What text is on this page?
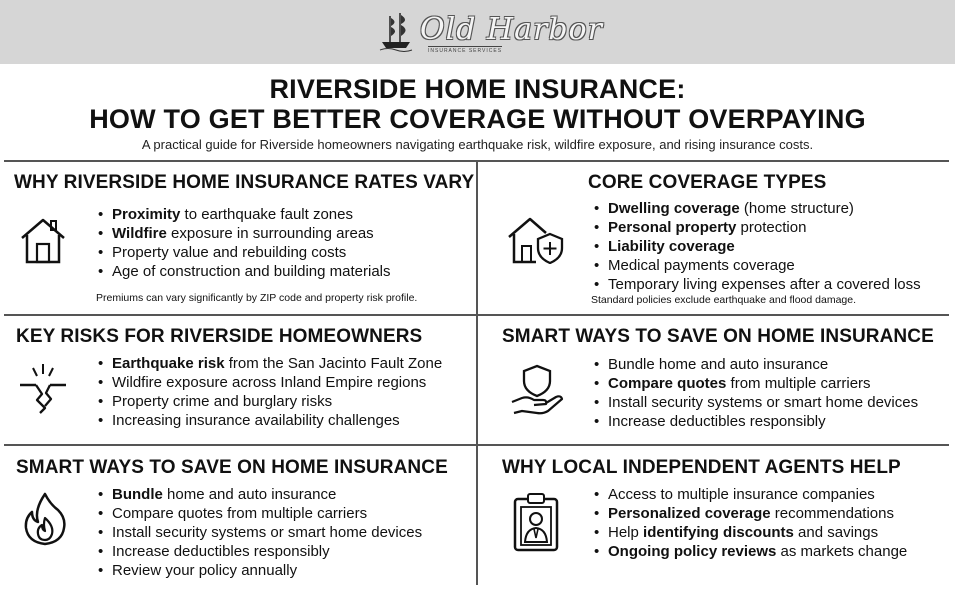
Old Harbor
INSURANCE SERVICES
RIVERSIDE HOME INSURANCE:
HOW TO GET BETTER COVERAGE WITHOUT OVERPAYING
A practical guide for Riverside homeowners navigating earthquake risk, wildfire exposure, and rising insurance costs.
WHY RIVERSIDE HOME INSURANCE RATES VARY
• Proximity to earthquake fault zones
• Wildfire exposure in surrounding areas
• Property value and rebuilding costs
• Age of construction and building materials
Premiums can vary significantly by ZIP code and property risk profile.
CORE COVERAGE TYPES
• Dwelling coverage (home structure)
• Personal property protection
• Liability coverage
• Medical payments coverage
• Temporary living expenses after a covered loss
Standard policies exclude earthquake and flood damage.
KEY RISKS FOR RIVERSIDE HOMEOWNERS
• Earthquake risk from the San Jacinto Fault Zone
• Wildfire exposure across Inland Empire regions
• Property crime and burglary risks
• Increasing insurance availability challenges
SMART WAYS TO SAVE ON HOME INSURANCE
• Bundle home and auto insurance
• Compare quotes from multiple carriers
• Install security systems or smart home devices
• Increase deductibles responsibly
SMART WAYS TO SAVE ON HOME INSURANCE
• Bundle home and auto insurance
• Compare quotes from multiple carriers
• Install security systems or smart home devices
• Increase deductibles responsibly
• Review your policy annually
WHY LOCAL INDEPENDENT AGENTS HELP
• Access to multiple insurance companies
• Personalized coverage recommendations
• Help identifying discounts and savings
• Ongoing policy reviews as markets change
